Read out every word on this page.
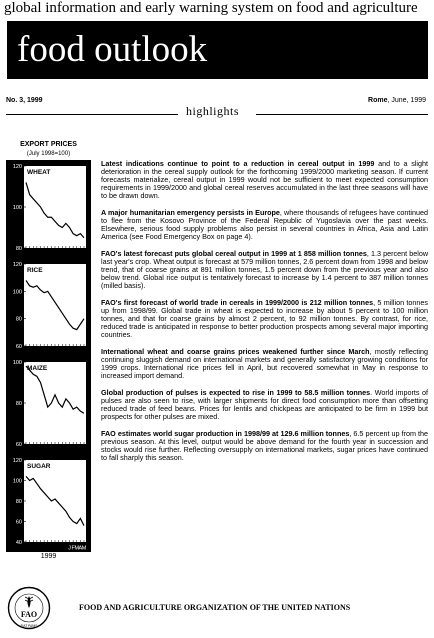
global information and early warning system on food and agriculture
food outlook
No. 3, 1999	Rome, June, 1999
highlights
EXPORT PRICES
(July 1998=100)
WHEAT
120
100
80
RICE
120
100
80
60
MAIZE
100
80
60
SUGAR
120
100
80
60
40
J F M A M
1999

Latest indications continue to point to a reduction in cereal output in 1999 and to a slight deterioration in the cereal supply outlook for the forthcoming 1999/2000 marketing season. If current forecasts materialize, cereal output in 1999 would not be sufficient to meet expected consumption requirements in 1999/2000 and global cereal reserves accumulated in the last three seasons will have to be drawn down.

A major humanitarian emergency persists in Europe, where thousands of refugees have continued to flee from the Kosovo Province of the Federal Republic of Yugoslavia over the past weeks. Elsewhere, serious food supply problems also persist in several countries in Africa, Asia and Latin America (see Food Emergency Box on page 4).

FAO's latest forecast puts global cereal output in 1999 at 1 858 million tonnes, 1.3 percent below last year's crop. Wheat output is forecast at 579 million tonnes, 2.6 percent down from 1998 and below trend, that of coarse grains at 891 million tonnes, 1.5 percent down from the previous year and also below trend. Global rice output is tentatively forecast to increase by 1.4 percent to 387 million tonnes (milled basis).

FAO's first forecast of world trade in cereals in 1999/2000 is 212 million tonnes, 5 million tonnes up from 1998/99. Global trade in wheat is expected to increase by about 5 percent to 100 million tonnes, and that for coarse grains by almost 2 percent, to 92 million tonnes. By contrast, for rice, reduced trade is anticipated in response to better production prospects among several major importing countries.

International wheat and coarse grains prices weakened further since March, mostly reflecting continuing sluggish demand on international markets and generally satisfactory growing conditions for 1999 crops. International rice prices fell in April, but recovered somewhat in May in response to increased import demand.

Global production of pulses is expected to rise in 1999 to 58.5 million tonnes. World imports of pulses are also seen to rise, with larger shipments for direct food consumption more than offsetting reduced trade of feed beans. Prices for lentils and chickpeas are anticipated to be firm in 1999 but prospects for other pulses are mixed.

FAO estimates world sugar production in 1998/99 at 129.6 million tonnes, 6.5 percent up from the previous season. At this level, output would be above demand for the fourth year in succession and stocks would rise further. Reflecting oversupply on international markets, sugar prices have continued to fall sharply this season.

FAO
FIAT PANIS
FOOD AND AGRICULTURE ORGANIZATION OF THE UNITED NATIONS
